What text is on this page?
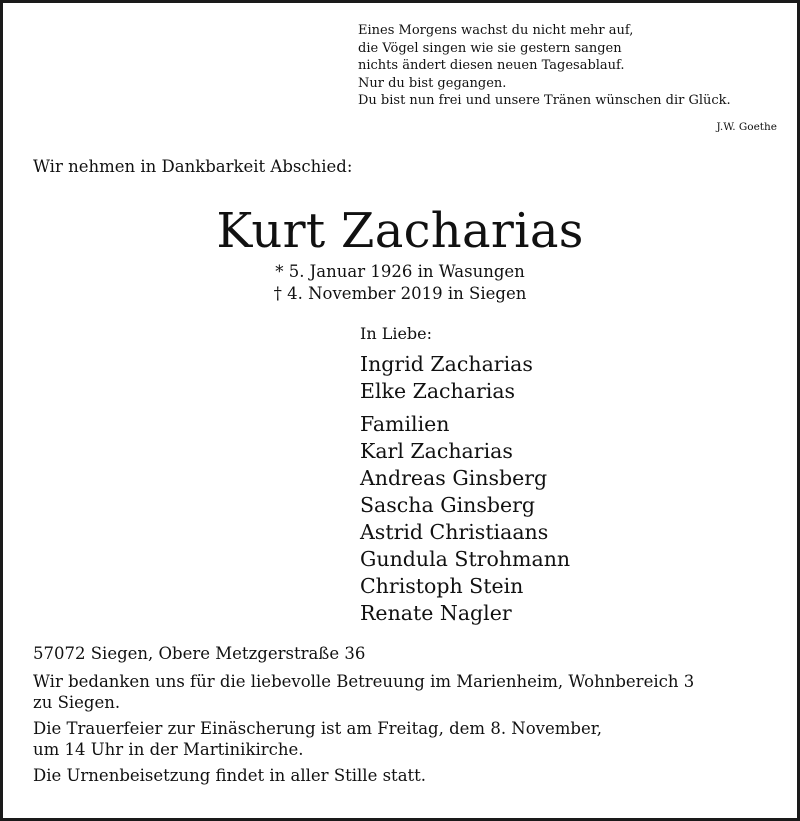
Eines Morgens wachst du nicht mehr auf,
die Vögel singen wie sie gestern sangen
nichts ändert diesen neuen Tagesablauf.
Nur du bist gegangen.
Du bist nun frei und unsere Tränen wünschen dir Glück.
J.W. Goethe
Wir nehmen in Dankbarkeit Abschied:
Kurt Zacharias
* 5. Januar 1926 in Wasungen
† 4. November 2019 in Siegen
In Liebe:
Ingrid Zacharias
Elke Zacharias
Familien
Karl Zacharias
Andreas Ginsberg
Sascha Ginsberg
Astrid Christiaans
Gundula Strohmann
Christoph Stein
Renate Nagler

57072 Siegen, Obere Metzgerstraße 36

Wir bedanken uns für die liebevolle Betreuung im Marienheim, Wohnbereich 3
zu Siegen.

Die Trauerfeier zur Einäscherung ist am Freitag, dem 8. November,
um 14 Uhr in der Martinikirche.

Die Urnenbeisetzung findet in aller Stille statt.
